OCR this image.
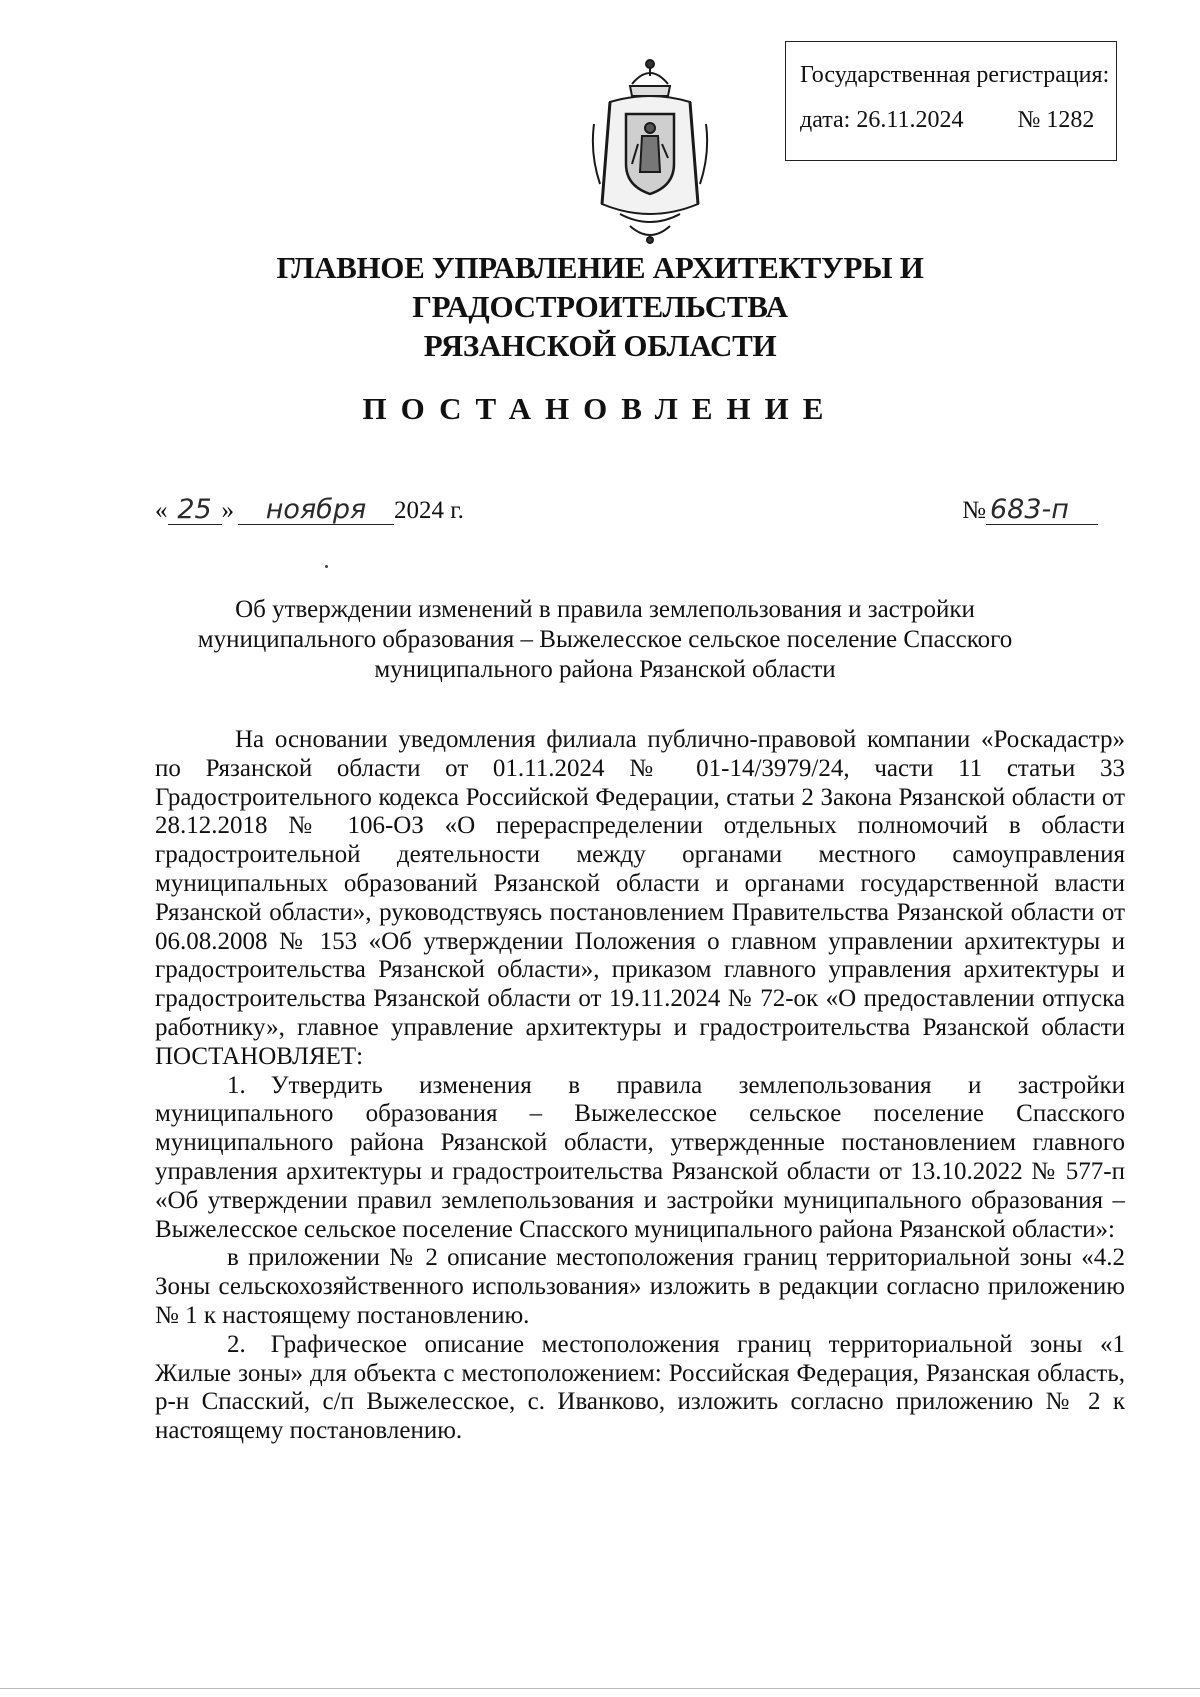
Государственная регистрация:
дата: 26.11.2024 № 1282
ГЛАВНОЕ УПРАВЛЕНИЕ АРХИТЕКТУРЫ И ГРАДОСТРОИТЕЛЬСТВА
РЯЗАНСКОЙ ОБЛАСТИ
ПОСТАНОВЛЕНИЕ
« 25 »	ноября	2024 г.	№ 683-п
Об утверждении изменений в правила землепользования и застройки
муниципального образования – Выжелесское сельское поселение Спасского
муниципального района Рязанской области

На основании уведомления филиала публично-правовой компании «Роскадастр» по Рязанской области от 01.11.2024 № 01-14/3979/24, части 11 статьи 33 Градостроительного кодекса Российской Федерации, статьи 2 Закона Рязанской области от 28.12.2018 № 106-ОЗ «О перераспределении отдельных полномочий в области градостроительной деятельности между органами местного самоуправления муниципальных образований Рязанской области и органами государственной власти Рязанской области», руководствуясь постановлением Правительства Рязанской области от 06.08.2008 № 153 «Об утверждении Положения о главном управлении архитектуры и градостроительства Рязанской области», приказом главного управления архитектуры и градостроительства Рязанской области от 19.11.2024 № 72-ок «О предоставлении отпуска работнику», главное управление архитектуры и градостроительства Рязанской области ПОСТАНОВЛЯЕТ:

1. Утвердить изменения в правила землепользования и застройки муниципального образования – Выжелесское сельское поселение Спасского муниципального района Рязанской области, утвержденные постановлением главного управления архитектуры и градостроительства Рязанской области от 13.10.2022 № 577-п «Об утверждении правил землепользования и застройки муниципального образования – Выжелесское сельское поселение Спасского муниципального района Рязанской области»:

в приложении № 2 описание местоположения границ территориальной зоны «4.2 Зоны сельскохозяйственного использования» изложить в редакции согласно приложению № 1 к настоящему постановлению.

2. Графическое описание местоположения границ территориальной зоны «1 Жилые зоны» для объекта с местоположением: Российская Федерация, Рязанская область, р-н Спасский, с/п Выжелесское, с. Иванково, изложить согласно приложению № 2 к настоящему постановлению.
